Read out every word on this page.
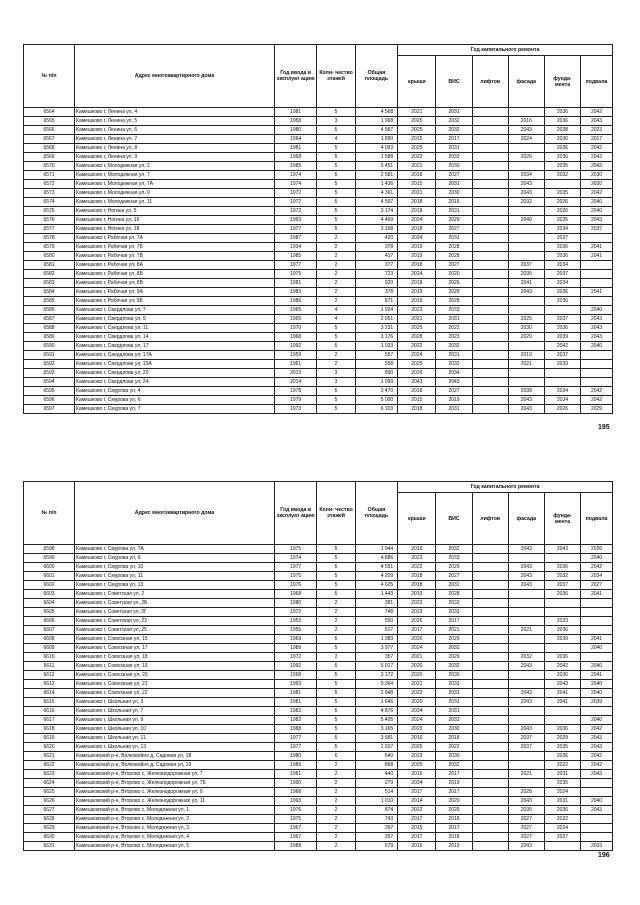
№ п/п	Адрес многоквартирного дома	Год ввода в эксплуат ацию	Коли- чество этажей	Общая площадь	Год капитального ремонта					
					крыши	ВИС	лифтов	фасада	фунда- мента	подвала
6564	Камешково г, Ленина ул, 4	1981	5	4 568	2021	2031			2036	2042
6565	Камешково г, Ленина ул, 5	1958	3	1 968	2025	2032		2016	2036	2043
6566	Камешково г, Ленина ул, 6	1980	5	4 587	2025	2032		2043	2038	2023
6567	Камешково г, Ленина ул, 7	1964	4	1 890	2015	2017		2024	2036	2017
6568	Камешково г, Ленина ул, 8	1981	5	4 093	2025	2031			2036	2042
6569	Камешково г, Ленина ул, 9	1968	5	1 588	2022	2033		2026	2036	2043
6570	Камешково г, Молодежная ул, 2	1985	5	5 451	2021	2030			2035	2042
6571	Камешково г, Молодежная ул, 7	1974	5	2 581	2018	2027		2034	2032	2030
6572	Камешково г, Молодежная ул, 7А	1974	5	1 436	2015	2031		2043		2020
6573	Камешково г, Молодежная ул, 9	1972	5	4 361	2021	2030		2043	2035	2042
6574	Камешково г, Молодежная ул, 11	1972	5	4 597	2018	2016		2032	2026	2040
6575	Камешково г, Ногина ул, 5	1972	5	3 174	2018	2031			2026	2040
6576	Камешково г, Ногина ул, 16	1993	5	4 469	2024	2029		2040	2035	2043
6577	Камешково г, Ногина ул, 18	1977	5	3 168	2018	2027			2034	2037
6578	Камешково г, Рабочая ул, 7А	1987	2	420	2024	2031			2037	
6579	Камешково г, Рабочая ул, 7Б	1934	2	378	2019	2028			2036	2041
6580	Камешково г, Рабочая ул, 7В	1985	2	417	2019	2028			2036	2041
6581	Камешково г, Рабочая ул, 8А	1977	2	377	2018	2027		2037	2034	
6582	Камешково г, Рабочая ул, 8Б	1975	2	723	2024	2020		2035	2037	
6583	Камешково г, Рабочая ул, 8В	1981	2	920	2018	2026		2041	2034	
6584	Камешково г, Рабочая ул, 9А	1983	2	378	2019	2028		2043	2036	2041
6585	Камешково г, Рабочая ул, 9Б	1986	2	871	2019	2028			2036	
6586	Камешково г, Свердлова ул, 7	1965	4	1 924	2023	2033				2040
6587	Камешково г, Свердлова ул, 9	1965	4	2 051	2021	2031		2025	2037	2043
6588	Камешково г, Свердлова ул, 11	1970	5	3 231	2025	2022		2030	2036	2043
6589	Камешково г, Свердлова ул, 14	1968	5	3 176	2028	2023		2029	2039	2043
6590	Камешково г, Свердлова ул, 17	1992	5	1 033	2022	2032			2042	2040
6591	Камешково г, Свердлова ул, 17А	1959	2	557	2024	2031		2019	2037	
6592	Камешково г, Свердлова ул, 19А	1961	2	558	2025	2032		2021	2039	
6593	Камешково г, Свердлова ул, 20	2013	3	890	2029	2034				
6594	Камешково г, Свердлова ул, 24	2014	3	1 099	2043	2043				
6595	Камешково г, Смурова ул, 4	1978	5	3 470	2018	2027		2038	2034	2042
6596	Камешково г, Смурова ул, 6	1979	5	5 000	2015	2019		2043	2034	2042
6597	Камешково г, Смурова ул, 7	1973	5	6 103	2018	2031		2043	2026	2029
195
№ п/п	Адрес многоквартирного дома	Год ввода в эксплуат ацию	Коли- чество этажей	Общая площадь	Год капитального ремонта					
					крыши	ВИС	лифтов	фасада	фунда- мента	подвала
6598	Камешково г, Смурова ул, 7А	1975	5	1 944	2016	2032		2043	2043	2026
6599	Камешково г, Смурова ул, 9	1974	5	4 886	2023	2033				2040
6600	Камешково г, Смурова ул, 10	1977	5	4 591	2022	2029		2043	2036	2042
6601	Камешково г, Смурова ул, 11	1975	5	4 209	2018	2027		2043	2032	2034
6602	Камешково г, Смурова ул, 13	1976	5	4 625	2018	2031		2043	2037	2027
6603	Камешково г, Советская ул, 2	1968	5	1 443	2019	2028			2036	2041
6604	Камешково г, Советская ул, 2Б	1980	2	381	2023	2033				
6605	Камешково г, Советская ул, 2Г	1972	2	748	2023	2033				
6606	Камешково г, Советская ул, 23	1953	2	550	2026	2017			2023	
6607	Камешково г, Советская ул, 25	1955	2	517	2017	2021		2021	2036	
6608	Камешково г, Совхозная ул, 15	1969	5	1 383	2020	2029			2039	2041
6609	Камешково г, Совхозная ул, 17	1989	5	3 977	2024	2032				2040
6610	Камешково г, Совхозная ул, 18	1972	2	357	2021	2029		2032	2036	
6611	Камешково г, Совхозная ул, 19	1992	5	5 017	2020	2032		2043	2042	2040
6612	Камешково г, Совхозная ул, 20	1968	5	3 172	2020	2030			2036	2041
6613	Камешково г, Совхозная ул, 21	1993	5	5 364	2021	2033			2043	2040
6614	Камешково г, Совхозная ул, 22	1981	5	2 848	2022	2031		2043	2041	2040
6615	Камешково г, Школьная ул, 3	1981	5	1 646	2020	2031		2043	2041	2039
6616	Камешково г, Школьная ул, 7	1983	5	4 876	2024	2031				
6617	Камешково г, Школьная ул, 9	1982	5	5 405	2024	2033				2040
6618	Камешково г, Школьная ул, 10	1988	5	3 165	2023	2030		2043	2036	2042
6619	Камешково г, Школьная ул, 11	1977	5	3 581	2016	2018		2037	2029	2043
6620	Камешково г, Школьная ул, 13	1977	5	2 507	2025	2022		2037	2035	2043
6621	Камешковский р-н, Волковойно д, Садовая ул, 18	1980	6	640	2023	2030			2036	2042
6622	Камешковский р-н, Волковойно д, Садовая ул, 19	1989	2	868	2025	2032			2022	2042
6623	Камешковский р-н, Второво с, Железнодорожная ул, 7	1961	2	440	2016	2017		2021	2031	2043
6624	Камешковский р-н, Второво с, Железнодорожная ул, 7Б	1990	2	279	2024	2019			2035	
6625	Камешковский р-н, Второво с, Железнодорожная ул, 9	1968	2	514	2017	2017		2028	2024	
6626	Камешковский р-н, Второво с, Железнодорожная ул, 11	1993	2	1 010	2014	2020		2043	2031	2040
6627	Камешковский р-н, Второво с, Молодежная ул, 1	1976	2	874	2022	2029		2035	2036	2043
6628	Камешковский р-н, Второво с, Молодежная ул, 2	1975	2	743	2017	2018		2027	2032	
6629	Камешковский р-н, Второво с, Молодежная ул, 3	1967	2	397	2015	2017		2027	2024	
6630	Камешковский р-н, Второво с, Молодежная ул, 4	1967	2	397	2017	2018		2027	2027	
6631	Камешковский р-н, Второво с, Молодежная ул, 5	1988	2	679	2016	2019		2043		2033
196
